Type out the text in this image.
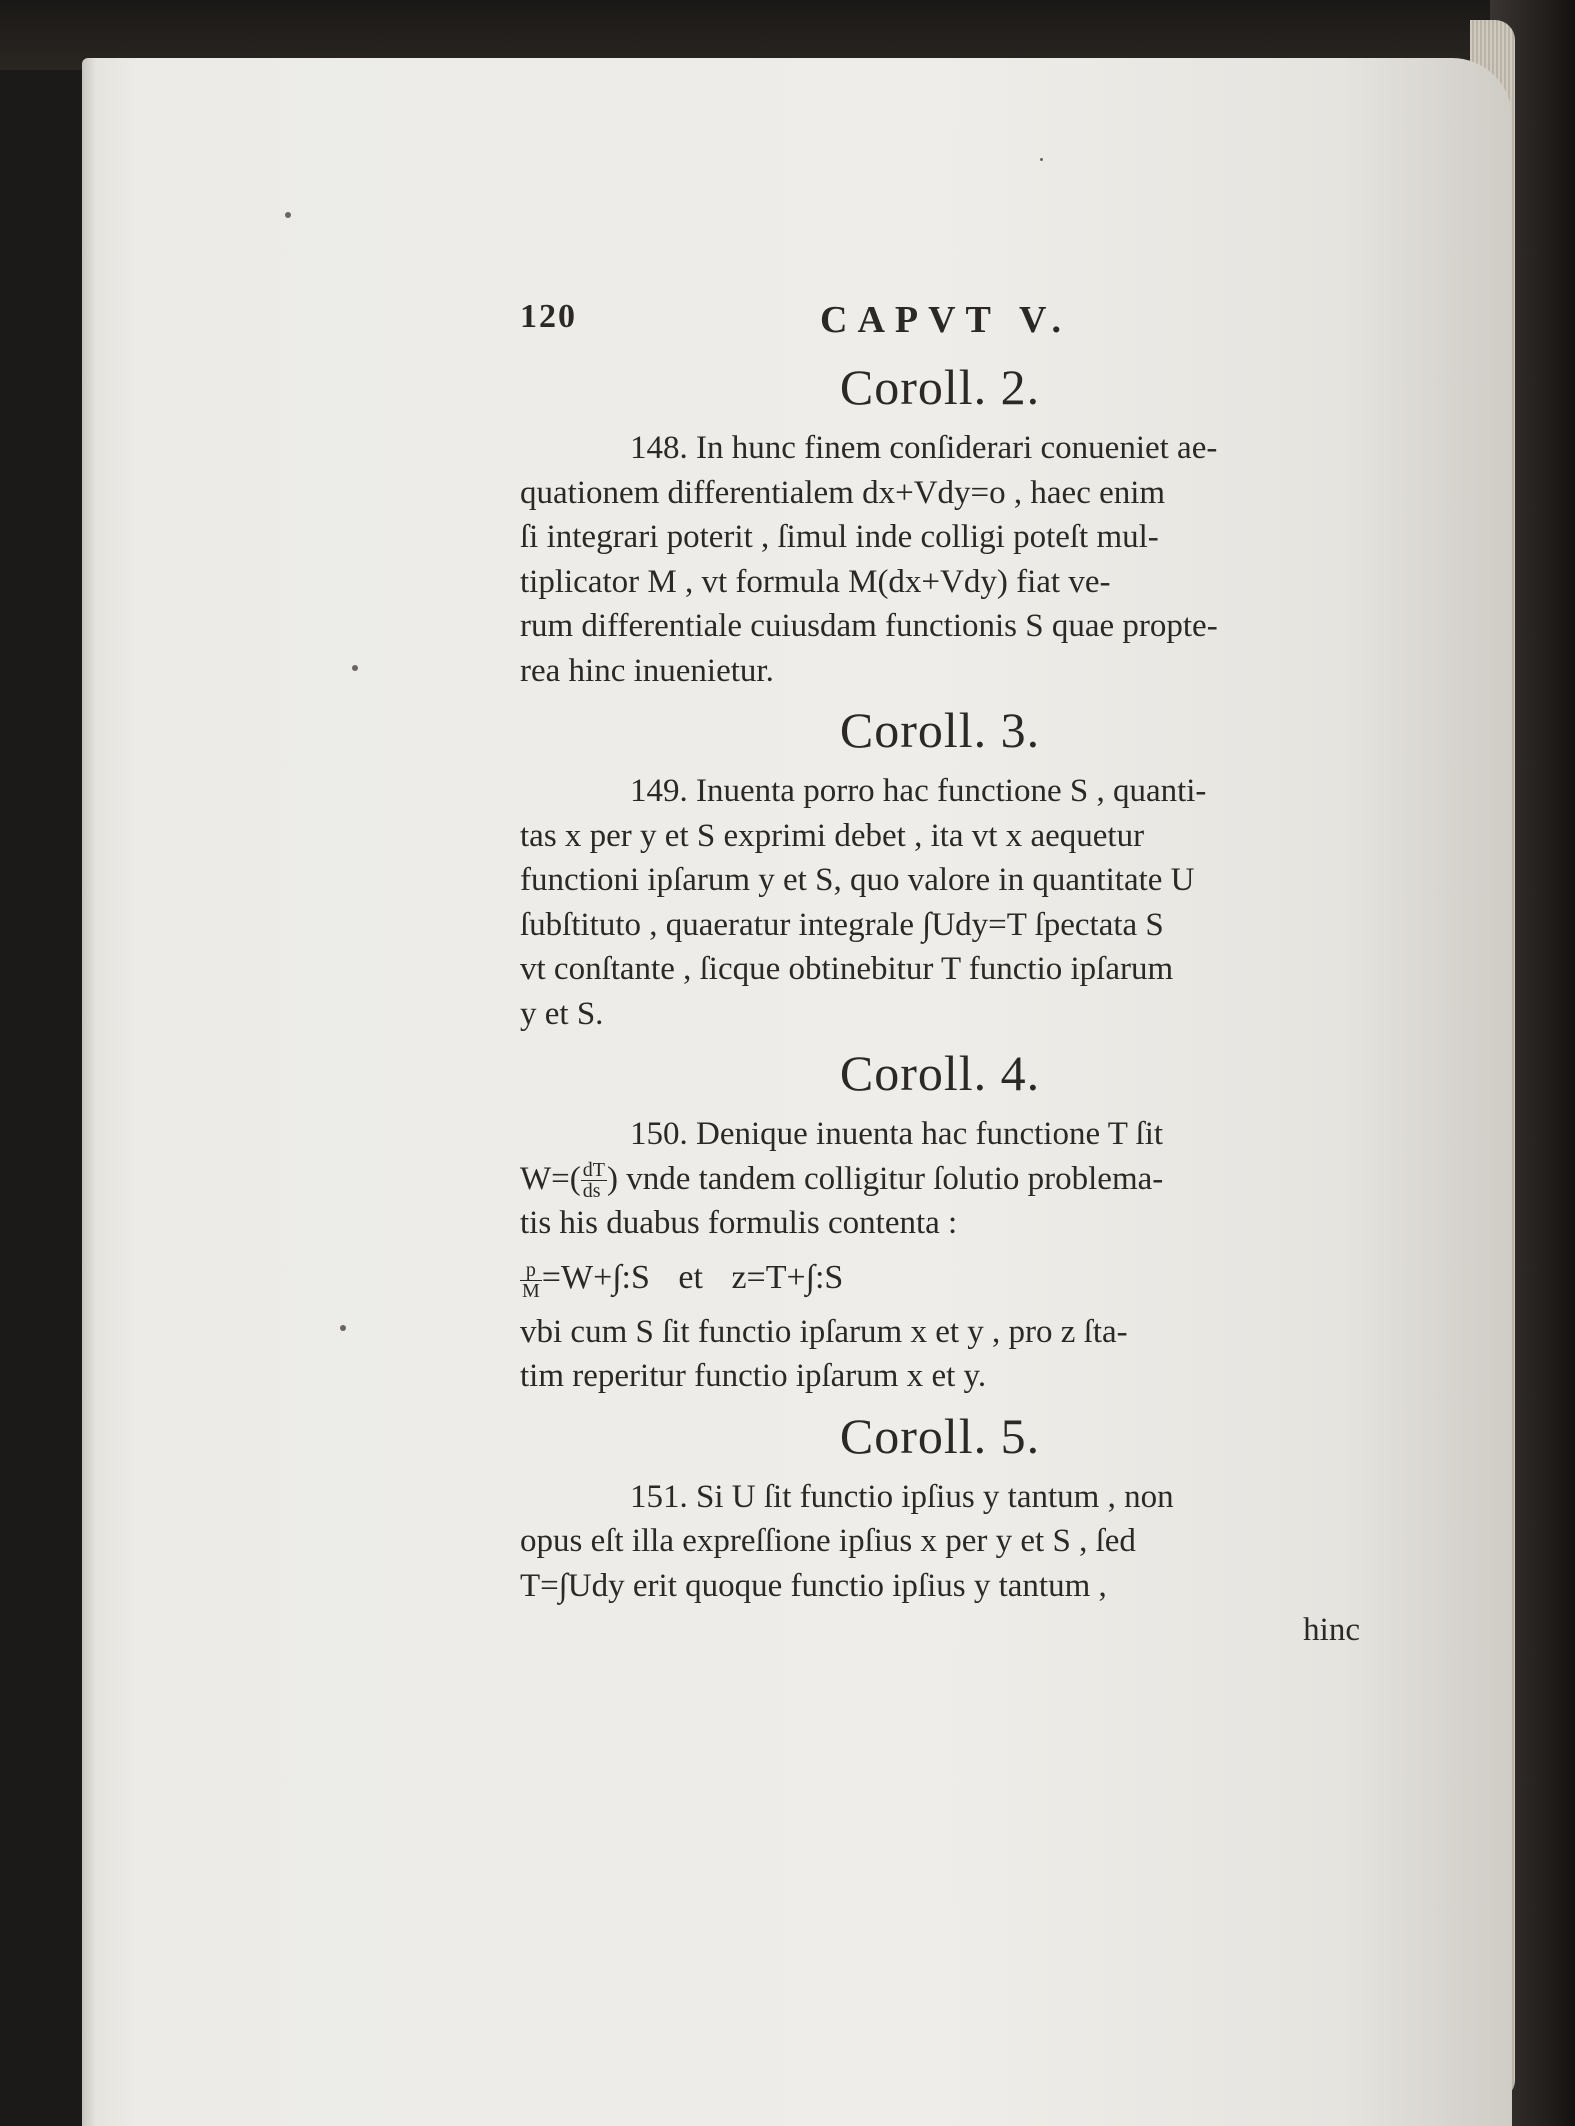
120	CAPVT V.
Coroll. 2.

148. In hunc finem conſiderari conueniet ae-
quationem differentialem dx+Vdy=o , haec enim
ſi integrari poterit , ſimul inde colligi poteſt mul-
tiplicator M , vt formula M(dx+Vdy) fiat ve-
rum differentiale cuiusdam functionis S quae propte-
rea hinc inuenietur.

Coroll. 3.

149. Inuenta porro hac functione S , quanti-
tas x per y et S exprimi debet , ita vt x aequetur
functioni ipſarum y et S, quo valore in quantitate U
ſubſtituto , quaeratur integrale ∫Udy=T ſpectata S
vt conſtante , ſicque obtinebitur T functio ipſarum
y et S.

Coroll. 4.

150. Denique inuenta hac functione T ſit
$W=( \frac{dT}{ds}$ ) vnde tandem colligitur ſolutio problema-
tis his duabus formulis contenta :

$\frac{p}{M}$ =W+∫:S et z=T+∫:S

vbi cum S ſit functio ipſarum x et y , pro z ſta-
tim reperitur functio ipſarum x et y.

Coroll. 5.

151. Si U ſit functio ipſius y tantum , non
opus eſt illa expreſſione ipſius x per y et S , ſed
T=∫Udy erit quoque functio ipſius y tantum ,

hinc
